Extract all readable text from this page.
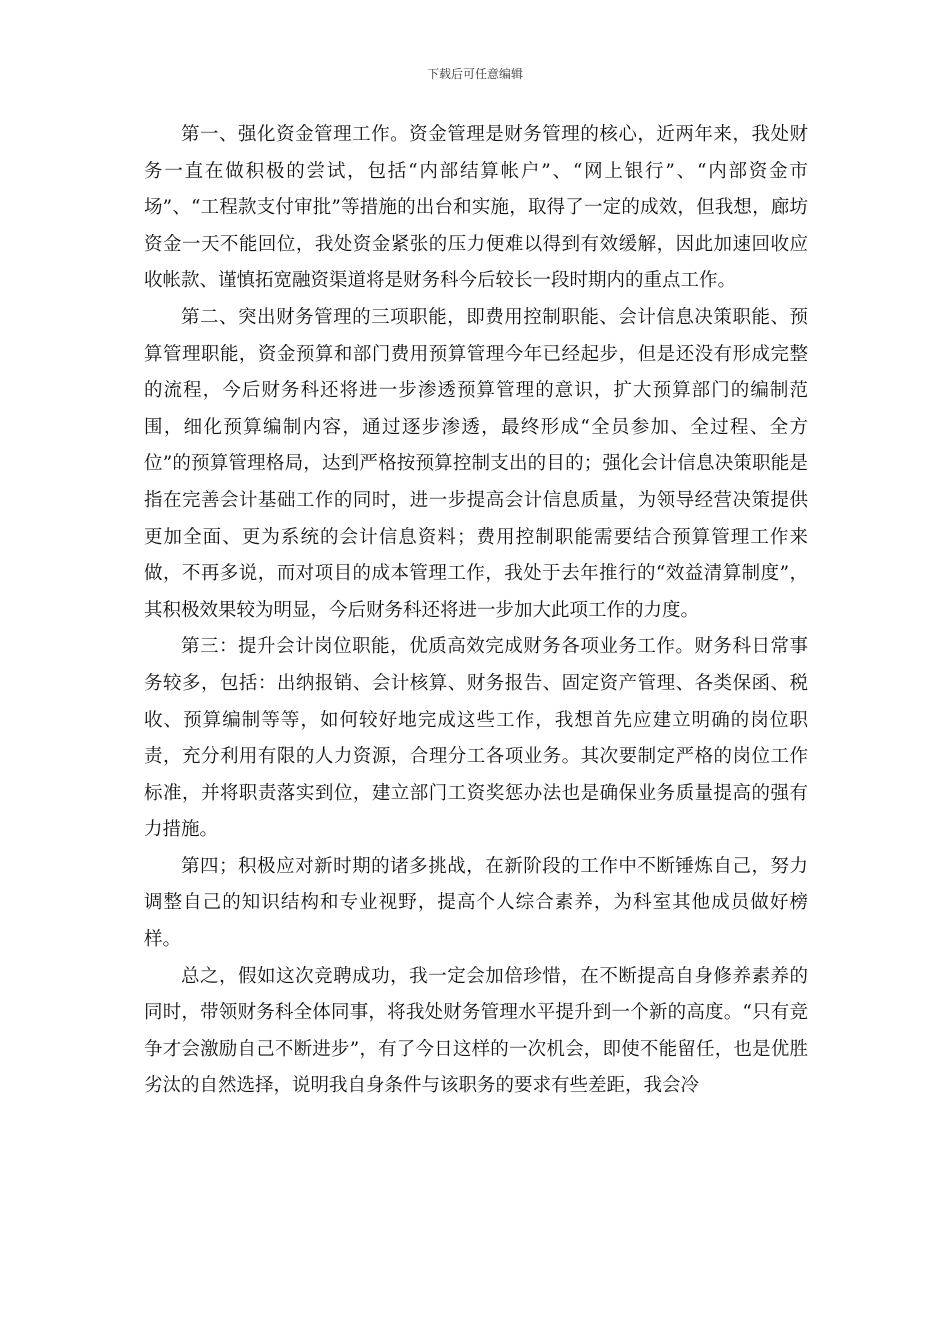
下载后可任意编辑

第一、强化资金管理工作。资金管理是财务管理的核心，近两年来，我处财务一直在做积极的尝试，包括“内部结算帐户”、“网上银行”、“内部资金市场”、“工程款支付审批”等措施的出台和实施，取得了一定的成效，但我想，廊坊资金一天不能回位，我处资金紧张的压力便难以得到有效缓解，因此加速回收应收帐款、谨慎拓宽融资渠道将是财务科今后较长一段时期内的重点工作。

第二、突出财务管理的三项职能，即费用控制职能、会计信息决策职能、预算管理职能，资金预算和部门费用预算管理今年已经起步，但是还没有形成完整的流程，今后财务科还将进一步渗透预算管理的意识，扩大预算部门的编制范围，细化预算编制内容，通过逐步渗透，最终形成“全员参加、全过程、全方位”的预算管理格局，达到严格按预算控制支出的目的；强化会计信息决策职能是指在完善会计基础工作的同时，进一步提高会计信息质量，为领导经营决策提供更加全面、更为系统的会计信息资料；费用控制职能需要结合预算管理工作来做，不再多说，而对项目的成本管理工作，我处于去年推行的“效益清算制度”，其积极效果较为明显，今后财务科还将进一步加大此项工作的力度。

第三：提升会计岗位职能，优质高效完成财务各项业务工作。财务科日常事务较多，包括：出纳报销、会计核算、财务报告、固定资产管理、各类保函、税收、预算编制等等，如何较好地完成这些工作，我想首先应建立明确的岗位职责，充分利用有限的人力资源，合理分工各项业务。其次要制定严格的岗位工作标准，并将职责落实到位，建立部门工资奖惩办法也是确保业务质量提高的强有力措施。

第四；积极应对新时期的诸多挑战，在新阶段的工作中不断锤炼自己，努力调整自己的知识结构和专业视野，提高个人综合素养，为科室其他成员做好榜样。

总之，假如这次竞聘成功，我一定会加倍珍惜，在不断提高自身修养素养的同时，带领财务科全体同事，将我处财务管理水平提升到一个新的高度。“只有竞争才会激励自己不断进步”，有了今日这样的一次机会，即使不能留任，也是优胜劣汰的自然选择，说明我自身条件与该职务的要求有些差距，我会冷
